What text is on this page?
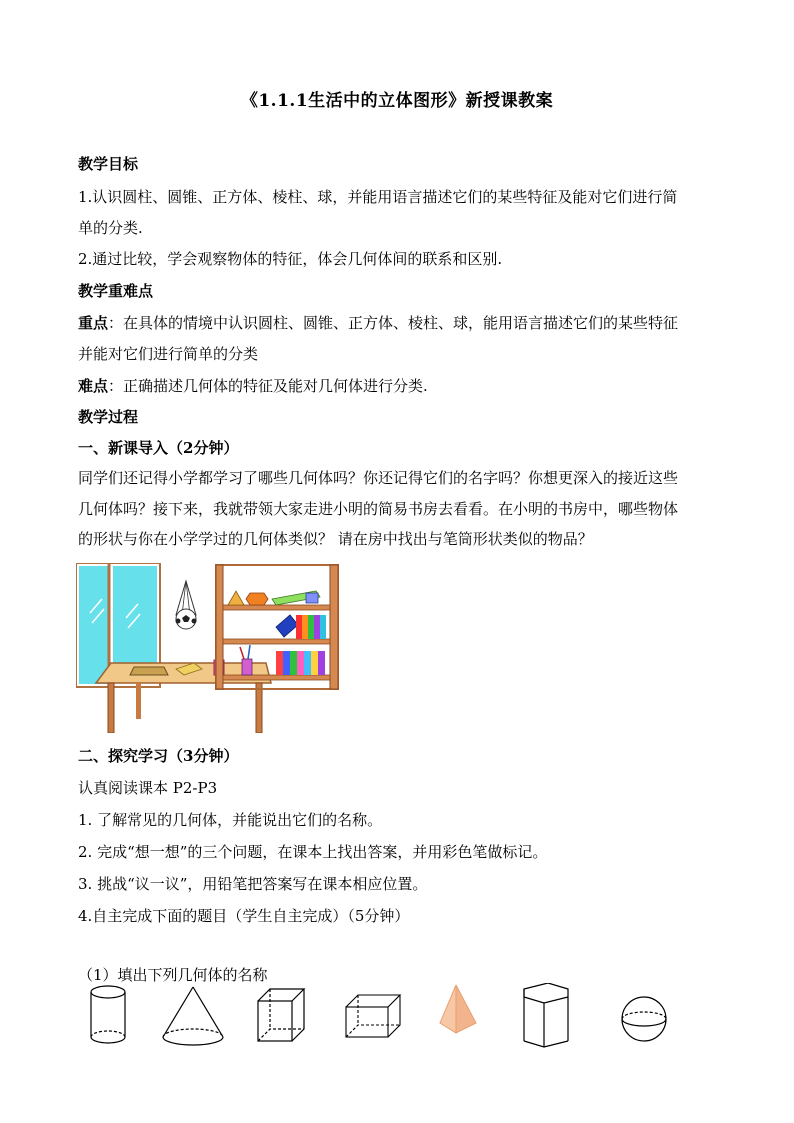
《1.1.1生活中的立体图形》新授课教案
教学目标
1.认识圆柱、圆锥、正方体、棱柱、球，并能用语言描述它们的某些特征及能对它们进行简
单的分类.
2.通过比较，学会观察物体的特征，体会几何体间的联系和区别.
教学重难点
重点：在具体的情境中认识圆柱、圆锥、正方体、棱柱、球，能用语言描述它们的某些特征
并能对它们进行简单的分类
难点：正确描述几何体的特征及能对几何体进行分类.
教学过程
一、新课导入（2分钟）
同学们还记得小学都学习了哪些几何体吗？你还记得它们的名字吗？你想更深入的接近这些
几何体吗？接下来，我就带领大家走进小明的简易书房去看看。在小明的书房中，哪些物体
的形状与你在小学学过的几何体类似？ 请在房中找出与笔筒形状类似的物品？
二、探究学习（3分钟）
认真阅读课本 P2-P3
1. 了解常见的几何体，并能说出它们的名称。
2. 完成“想一想”的三个问题，在课本上找出答案，并用彩色笔做标记。
3. 挑战“议一议”，用铅笔把答案写在课本相应位置。
4.自主完成下面的题目（学生自主完成）（5分钟）
（1）填出下列几何体的名称
